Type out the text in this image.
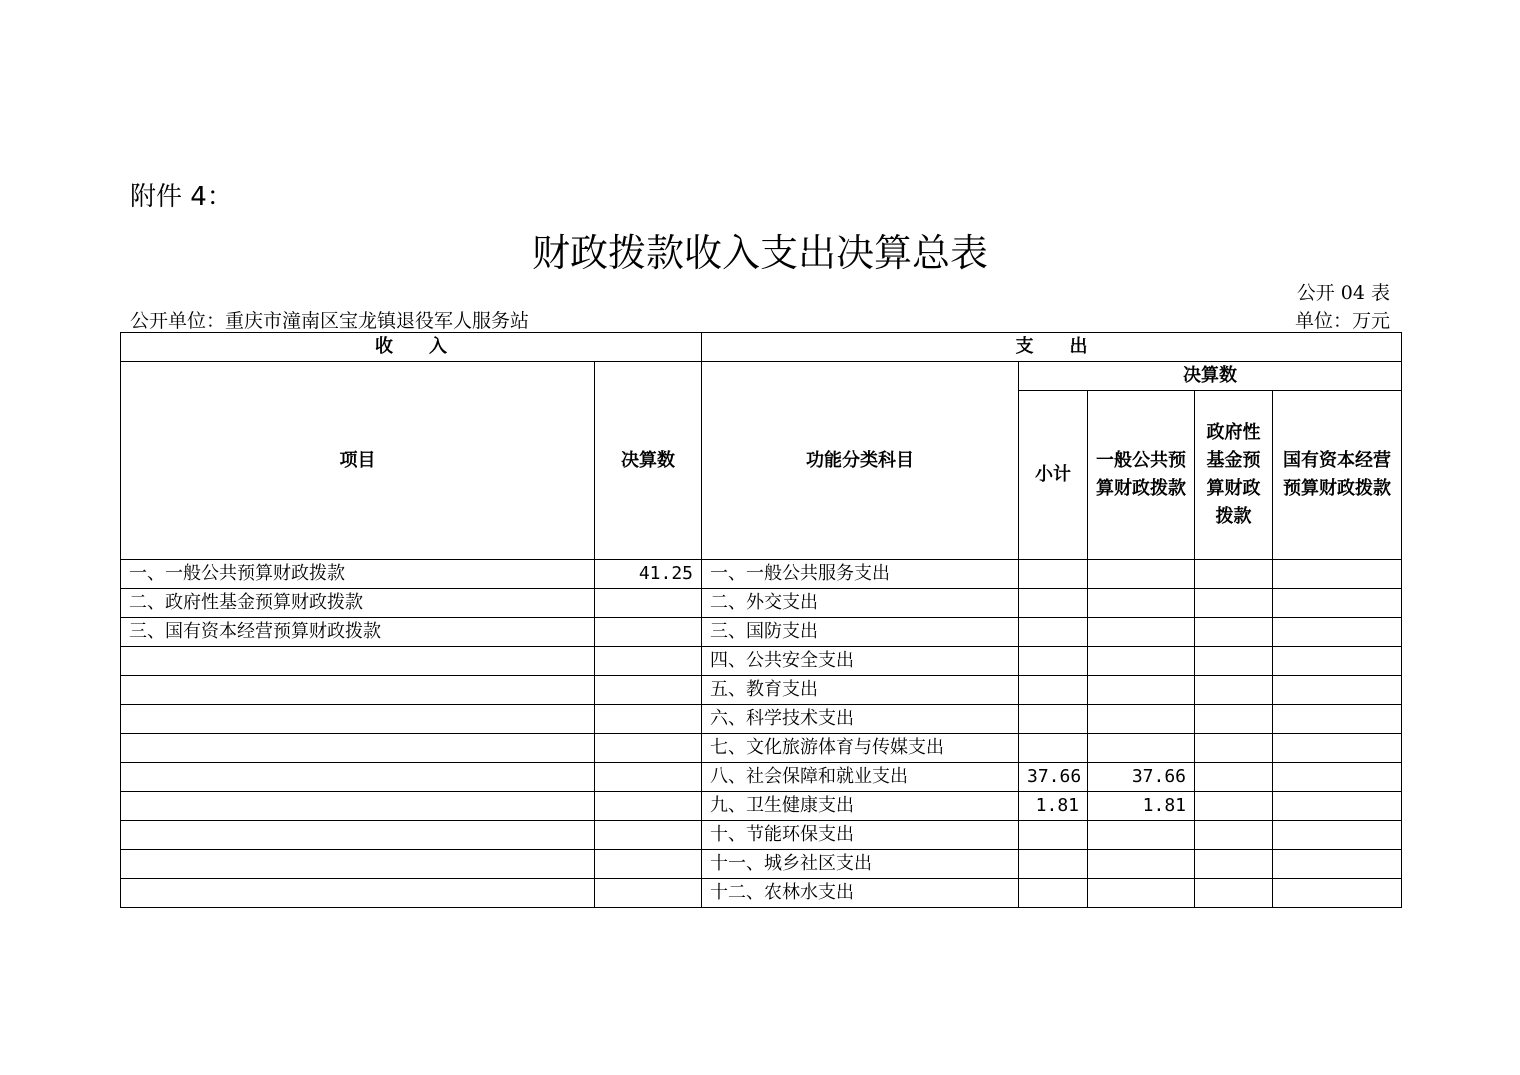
附件 4：
财政拨款收入支出决算总表
公开 04 表
公开单位：重庆市潼南区宝龙镇退役军人服务站	单位：万元
收　　入		支　　出				
项目	决算数	功能分类科目	决算数			
			小计	一般公共预算财政拨款	政府性基金预算财政拨款	国有资本经营预算财政拨款
一、一般公共预算财政拨款	41.25	一、一般公共服务支出				
二、政府性基金预算财政拨款		二、外交支出				
三、国有资本经营预算财政拨款		三、国防支出				
		四、公共安全支出				
		五、教育支出				
		六、科学技术支出				
		七、文化旅游体育与传媒支出				
		八、社会保障和就业支出	37.66	37.66		
		九、卫生健康支出	1.81	1.81		
		十、节能环保支出				
		十一、城乡社区支出				
		十二、农林水支出				
